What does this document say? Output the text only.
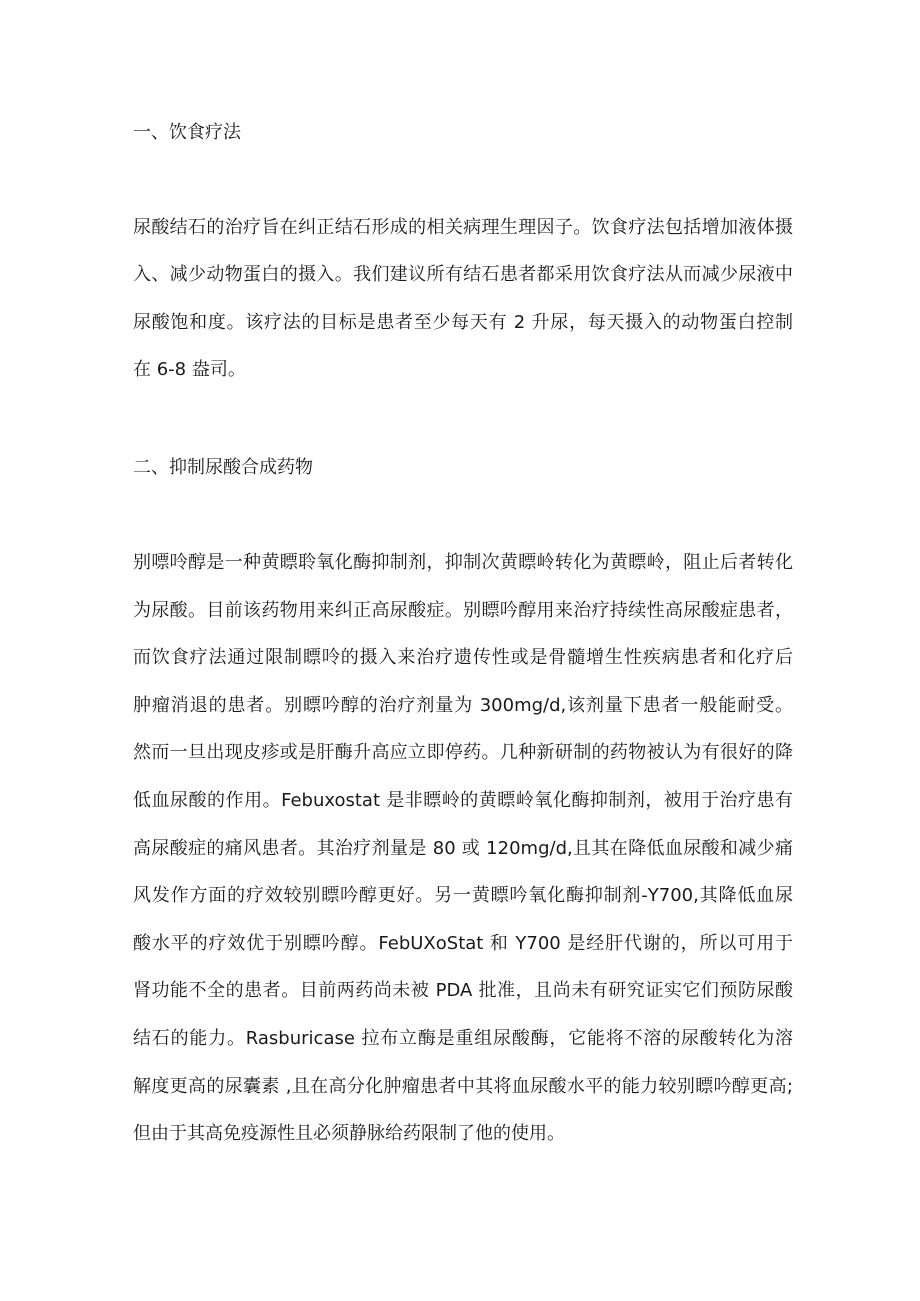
一、饮食疗法
尿酸结石的治疗旨在纠正结石形成的相关病理生理因子。饮食疗法包括增加液体摄
入、减少动物蛋白的摄入。我们建议所有结石患者都采用饮食疗法从而减少尿液中
尿酸饱和度。该疗法的目标是患者至少每天有 2 升尿，每天摄入的动物蛋白控制
在 6-8 盎司。
二、抑制尿酸合成药物
别嘌呤醇是一种黄瞟聆氧化酶抑制剂，抑制次黄瞟岭转化为黄瞟岭，阻止后者转化
为尿酸。目前该药物用来纠正高尿酸症。别瞟吟醇用来治疗持续性高尿酸症患者，
而饮食疗法通过限制瞟呤的摄入来治疗遗传性或是骨髓增生性疾病患者和化疗后
肿瘤消退的患者。别瞟吟醇的治疗剂量为 300mg∕d,该剂量下患者一般能耐受。
然而一旦出现皮疹或是肝酶升高应立即停药。几种新研制的药物被认为有很好的降
低血尿酸的作用。Febuxostat 是非瞟岭的黄瞟岭氧化酶抑制剂，被用于治疗患有
高尿酸症的痛风患者。其治疗剂量是 80 或 120mg∕d,且其在降低血尿酸和减少痛
风发作方面的疗效较别瞟吟醇更好。另一黄瞟吟氧化酶抑制剂-Y700,其降低血尿
酸水平的疗效优于别瞟吟醇。FebUXoStat 和 Y700 是经肝代谢的，所以可用于
肾功能不全的患者。目前两药尚未被 PDA 批准，且尚未有研究证实它们预防尿酸
结石的能力。Rasburicase 拉布立酶是重组尿酸酶，它能将不溶的尿酸转化为溶
解度更高的尿囊素 ,且在高分化肿瘤患者中其将血尿酸水平的能力较别瞟吟醇更高;
但由于其高免疫源性且必须静脉给药限制了他的使用。
